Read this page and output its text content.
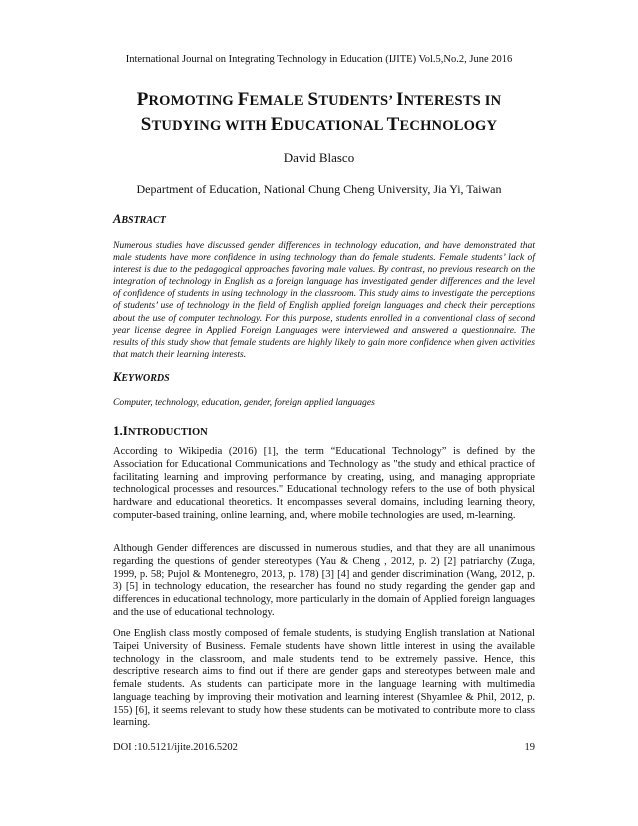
International Journal on Integrating Technology in Education (IJITE) Vol.5,No.2, June 2016
PROMOTING FEMALE STUDENTS’ INTERESTS IN
STUDYING WITH EDUCATIONAL TECHNOLOGY
David Blasco
Department of Education, National Chung Cheng University, Jia Yi, Taiwan
ABSTRACT
Numerous studies have discussed gender differences in technology education, and have demonstrated that male students have more confidence in using technology than do female students. Female students’ lack of interest is due to the pedagogical approaches favoring male values. By contrast, no previous research on the integration of technology in English as a foreign language has investigated gender differences and the level of confidence of students in using technology in the classroom. This study aims to investigate the perceptions of students’ use of technology in the field of English applied foreign languages and check their perceptions about the use of computer technology. For this purpose, students enrolled in a conventional class of second year license degree in Applied Foreign Languages were interviewed and answered a questionnaire. The results of this study show that female students are highly likely to gain more confidence when given activities that match their learning interests.
KEYWORDS
Computer, technology, education, gender, foreign applied languages
1.INTRODUCTION

According to Wikipedia (2016) [1], the term “Educational Technology” is defined by the Association for Educational Communications and Technology as "the study and ethical practice of facilitating learning and improving performance by creating, using, and managing appropriate technological processes and resources." Educational technology refers to the use of both physical hardware and educational theoretics. It encompasses several domains, including learning theory, computer-based training, online learning, and, where mobile technologies are used, m-learning.

Although Gender differences are discussed in numerous studies, and that they are all unanimous regarding the questions of gender stereotypes (Yau & Cheng , 2012, p. 2) [2] patriarchy (Zuga, 1999, p. 58; Pujol & Montenegro, 2013, p. 178) [3] [4] and gender discrimination (Wang, 2012, p. 3) [5] in technology education, the researcher has found no study regarding the gender gap and differences in educational technology, more particularly in the domain of Applied foreign languages and the use of educational technology.

One English class mostly composed of female students, is studying English translation at National Taipei University of Business. Female students have shown little interest in using the available technology in the classroom, and male students tend to be extremely passive. Hence, this descriptive research aims to find out if there are gender gaps and stereotypes between male and female students. As students can participate more in the language learning with multimedia language teaching by improving their motivation and learning interest (Shyamlee & Phil, 2012, p. 155) [6], it seems relevant to study how these students can be motivated to contribute more to class learning.

DOI :10.5121/ijite.2016.5202	19
